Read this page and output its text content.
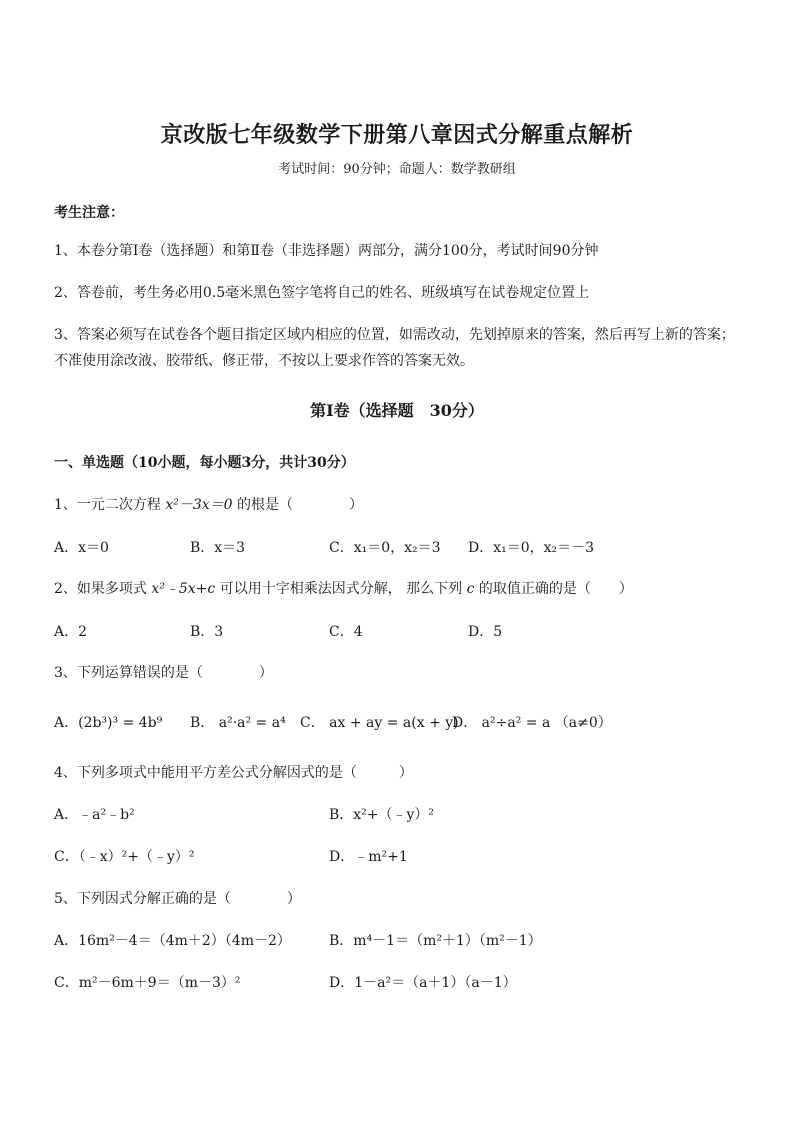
京改版七年级数学下册第八章因式分解重点解析
考试时间：90分钟；命题人：数学教研组
考生注意：
1、本卷分第Ⅰ卷（选择题）和第Ⅱ卷（非选择题）两部分，满分100分，考试时间90分钟
2、答卷前，考生务必用0.5毫米黑色签字笔将自己的姓名、班级填写在试卷规定位置上
3、答案必须写在试卷各个题目指定区域内相应的位置，如需改动，先划掉原来的答案，然后再写上新的答案；不准使用涂改液、胶带纸、修正带，不按以上要求作答的答案无效。
第Ⅰ卷（选择题　30分）
一、单选题（10小题，每小题3分，共计30分）
1、一元二次方程 x²－3x＝0 的根是（　　　　）
A．x＝0	B．x＝3	C．x₁＝0，x₂＝3 D．x₁＝0，x₂＝－3
2、如果多项式 x²﹣5x+c 可以用十字相乘法因式分解， 那么下列 c 的取值正确的是（　　）
A．2	B．3	C．4	D．5
3、下列运算错误的是（　　　　）
A．(2b³)³ = 4b⁹ B． a²·a² = a⁴ C． ax + ay = a(x + y)
D． a²÷a² = a （a≠0）
4、下列多项式中能用平方差公式分解因式的是（　　　）
A．﹣a²﹣b²	B．x²+（﹣y）²
C．（﹣x）²+（﹣y）²	D．﹣m²+1
5、下列因式分解正确的是（　　　　）
A．16m²－4＝（4m＋2）（4m－2）	B．m⁴－1＝（m²＋1）（m²－1）
C．m²－6m＋9＝（m－3）²	D．1－a²＝（a＋1）（a－1）
